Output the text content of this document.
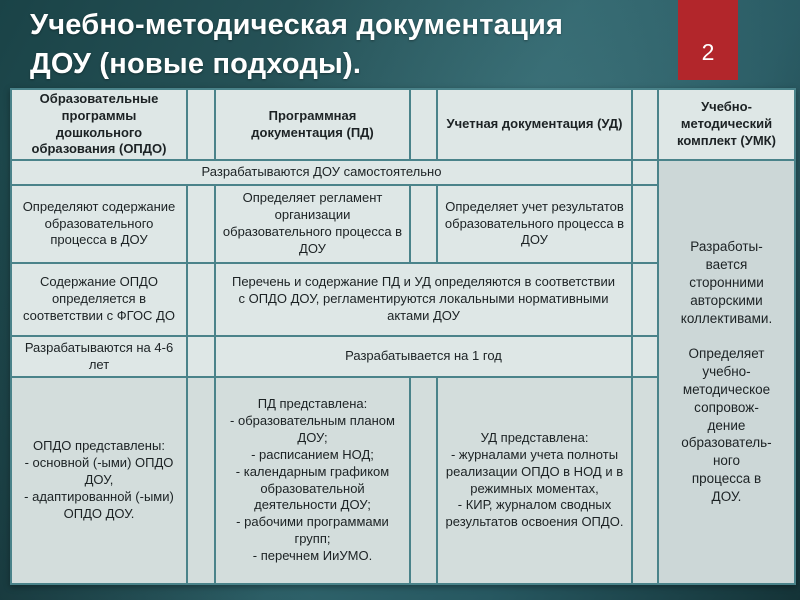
Учебно-методическая документация
ДОУ (новые подходы).	2
Образовательные программы дошкольного образования (ОПДО)
Программная документация (ПД)
Учетная документация (УД)
Учебно-методический комплект (УМК)
Разрабатываются ДОУ самостоятельно
Разработы-
вается
сторонними
авторскими
коллективами.

Определяет
учебно-
методическое
сопровож-
дение
образователь-
ного
процесса в
ДОУ.
Определяют содержание образовательного процесса в ДОУ
Определяет регламент организации образовательного процесса в ДОУ
Определяет учет результатов образовательного процесса в ДОУ
Содержание ОПДО определяется в соответствии с ФГОС ДО
Перечень и содержание ПД и УД определяются в соответствии с ОПДО ДОУ, регламентируются локальными нормативными актами ДОУ
Разрабатываются на 4-6 лет
Разрабатывается на 1 год
ОПДО представлены:
- основной (-ыми) ОПДО ДОУ,
- адаптированной (-ыми) ОПДО ДОУ.
ПД представлена:
- образовательным планом ДОУ;
- расписанием НОД;
- календарным графиком образовательной деятельности ДОУ;
- рабочими программами групп;
- перечнем ИиУМО.
УД представлена:
- журналами учета полноты реализации ОПДО в НОД и в режимных моментах,
- КИР, журналом сводных результатов освоения ОПДО.
